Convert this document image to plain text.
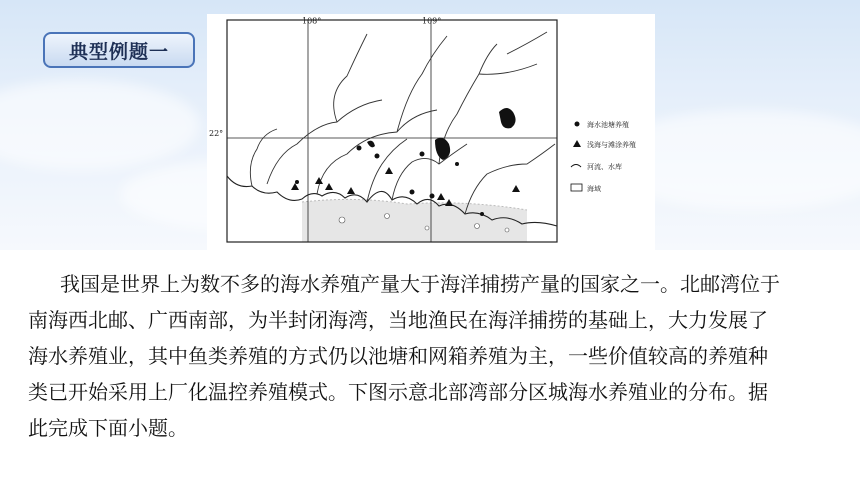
典型例题一
108°	109°
22°
海水池塘养殖
浅海与滩涂养殖
河流、水库
海域
我国是世界上为数不多的海水养殖产量大于海洋捕捞产量的国家之一。北邮湾位于
南海西北邮、广西南部，为半封闭海湾，当地渔民在海洋捕捞的基础上，大力发展了
海水养殖业，其中鱼类养殖的方式仍以池塘和网箱养殖为主，一些价值较高的养殖种
类已开始采用上厂化温控养殖模式。下图示意北部湾部分区城海水养殖业的分布。据
此完成下面小题。
